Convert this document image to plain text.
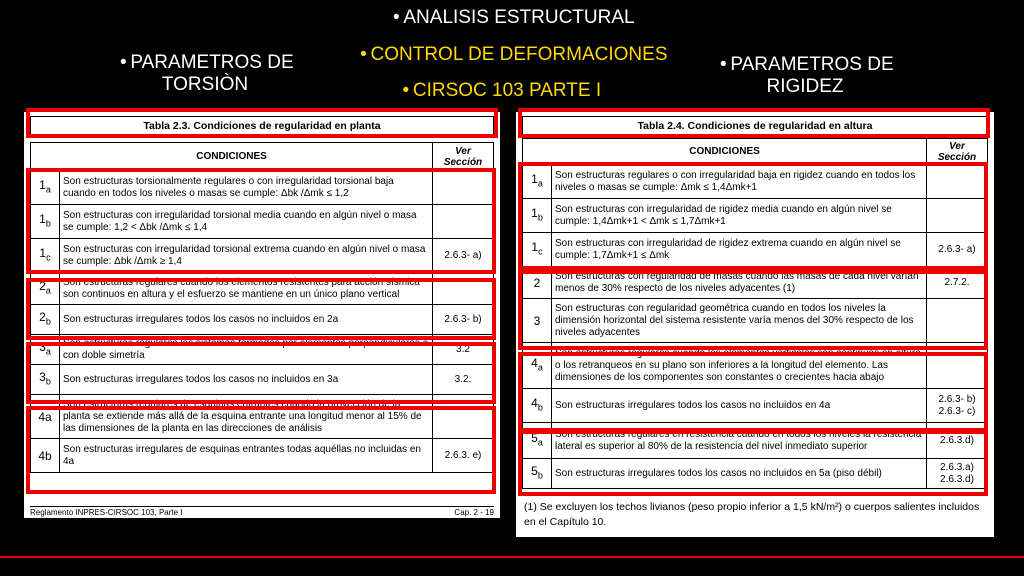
• ANALISIS ESTRUCTURAL
• CONTROL DE DEFORMACIONES
• CIRSOC 103 PARTE I
• PARAMETROS DE
TORSIÒN
• PARAMETROS DE
RIGIDEZ
Tabla 2.3. Condiciones de regularidad en planta
CONDICIONES		Ver
Sección
$1_a$	Son estructuras torsionalmente regulares o con irregularidad torsional baja cuando en todos los niveles o masas se cumple: Δbk /Δmk ≤ 1,2	
$1_b$	Son estructuras con irregularidad torsional media cuando en algún nivel o masa se cumple: 1,2 < Δbk /Δmk ≤ 1,4	
$1_c$	Son estructuras con irregularidad torsional extrema cuando en algún nivel o masa se cumple: Δbk /Δmk ≥ 1,4	2.6.3- a)
$2_a$	Son estructuras regulares cuando los elementos resistentes para acción sísmica son continuos en altura y el esfuerzo se mantiene en un único plano vertical	
$2_b$	Son estructuras irregulares todos los casos no incluidos en 2a	2.6.3- b)
$3_a$	Son estructuras regulares los sistemas formados por elementos perpendiculares o con doble simetría	3.2
$3_b$	Son estructuras irregulares todos los casos no incluidos en 3a	3.2.
4a	Son estructuras regulares de esquinas entrantes cuando la proyección de la planta se extiende más allá de la esquina entrante una longitud menor al 15% de las dimensiones de la planta en las direcciones de análisis	
4b	Son estructuras irregulares de esquinas entrantes todas aquéllas no incluidas en 4a	2.6.3. e)
Reglamento INPRES-CIRSOC 103, Parte I	Cap. 2 - 19
Tabla 2.4. Condiciones de regularidad en altura
CONDICIONES		Ver
Sección
$1_a$	Son estructuras regulares o con irregularidad baja en rigidez cuando en todos los niveles o masas se cumple: Δmk ≤ 1,4Δmk+1	
$1_b$	Son estructuras con irregularidad de rigidez media cuando en algún nivel se cumple: 1,4Δmk+1 < Δmk ≤ 1,7Δmk+1	
$1_c$	Son estructuras con irregularidad de rigidez extrema cuando en algún nivel se cumple: 1,7Δmk+1 ≤ Δmk	2.6.3- a)
2	Son estructuras con regularidad de masas cuando las masas de cada nivel varían menos de 30% respecto de los niveles adyacentes (1)	2.7.2.
3	Son estructuras con regularidad geométrica cuando en todos los niveles la dimensión horizontal del sistema resistente varía menos del 30% respecto de los niveles adyacentes	
$4_a$	Son estructuras regulares cuando los elementos verticales son continuos en altura o los retranqueos en su plano son inferiores a la longitud del elemento. Las dimensiones de los componentes son constantes o crecientes hacia abajo	
$4_b$	Son estructuras irregulares todos los casos no incluidos en 4a	2.6.3- b) 2.6.3- c)
$5_a$	Son estructuras regulares en resistencia cuando en todos los niveles la resistencia lateral es superior al 80% de la resistencia del nivel inmediato superior	2.6.3.d)
$5_b$	Son estructuras irregulares todos los casos no incluidos en 5a (piso débil)	2.6.3.a) 2.6.3.d)
(1) Se excluyen los techos livianos (peso propio inferior a 1,5 kN/m²) o cuerpos salientes incluidos en el Capítulo 10.
